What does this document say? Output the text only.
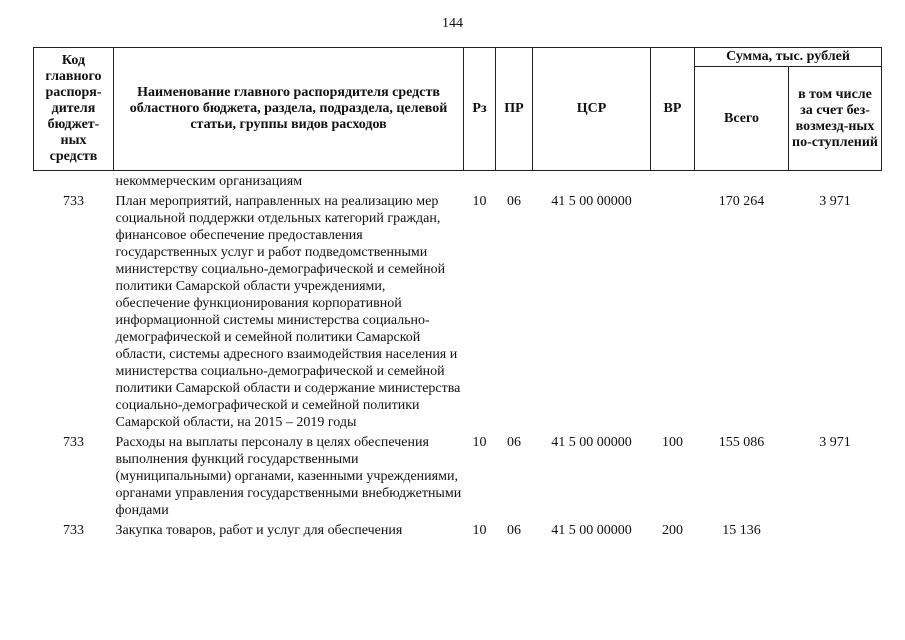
144
Код главного распоря-дителя бюджет-ных средств	Наименование главного распорядителя средств областного бюджета, раздела, подраздела, целевой статьи, группы видов расходов	Рз	ПР	ЦСР	ВР	Сумма, тыс. рублей	
						Всего	в том числе за счет без-возмезд-ных по-ступлений
	некоммерческим организациям						
733	План мероприятий, направленных на реализацию мер социальной поддержки отдельных категорий граждан, финансовое обеспечение предоставления государственных услуг и работ подведомственными министерству социально-демографической и семейной политики Самарской области учреждениями, обеспечение функционирования корпоративной информационной системы министерства социально-демографической и семейной политики Самарской области, системы адресного взаимодействия населения и министерства социально-демографической и семейной политики Самарской области и содержание министерства социально-демографической и семейной политики Самарской области, на 2015 – 2019 годы	10	06	41 5 00 00000		170 264	3 971
733	Расходы на выплаты персоналу в целях обеспечения выполнения функций государственными (муниципальными) органами, казенными учреждениями, органами управления государственными внебюджетными фондами	10	06	41 5 00 00000	100	155 086	3 971
733	Закупка товаров, работ и услуг для обеспечения	10	06	41 5 00 00000	200	15 136	
